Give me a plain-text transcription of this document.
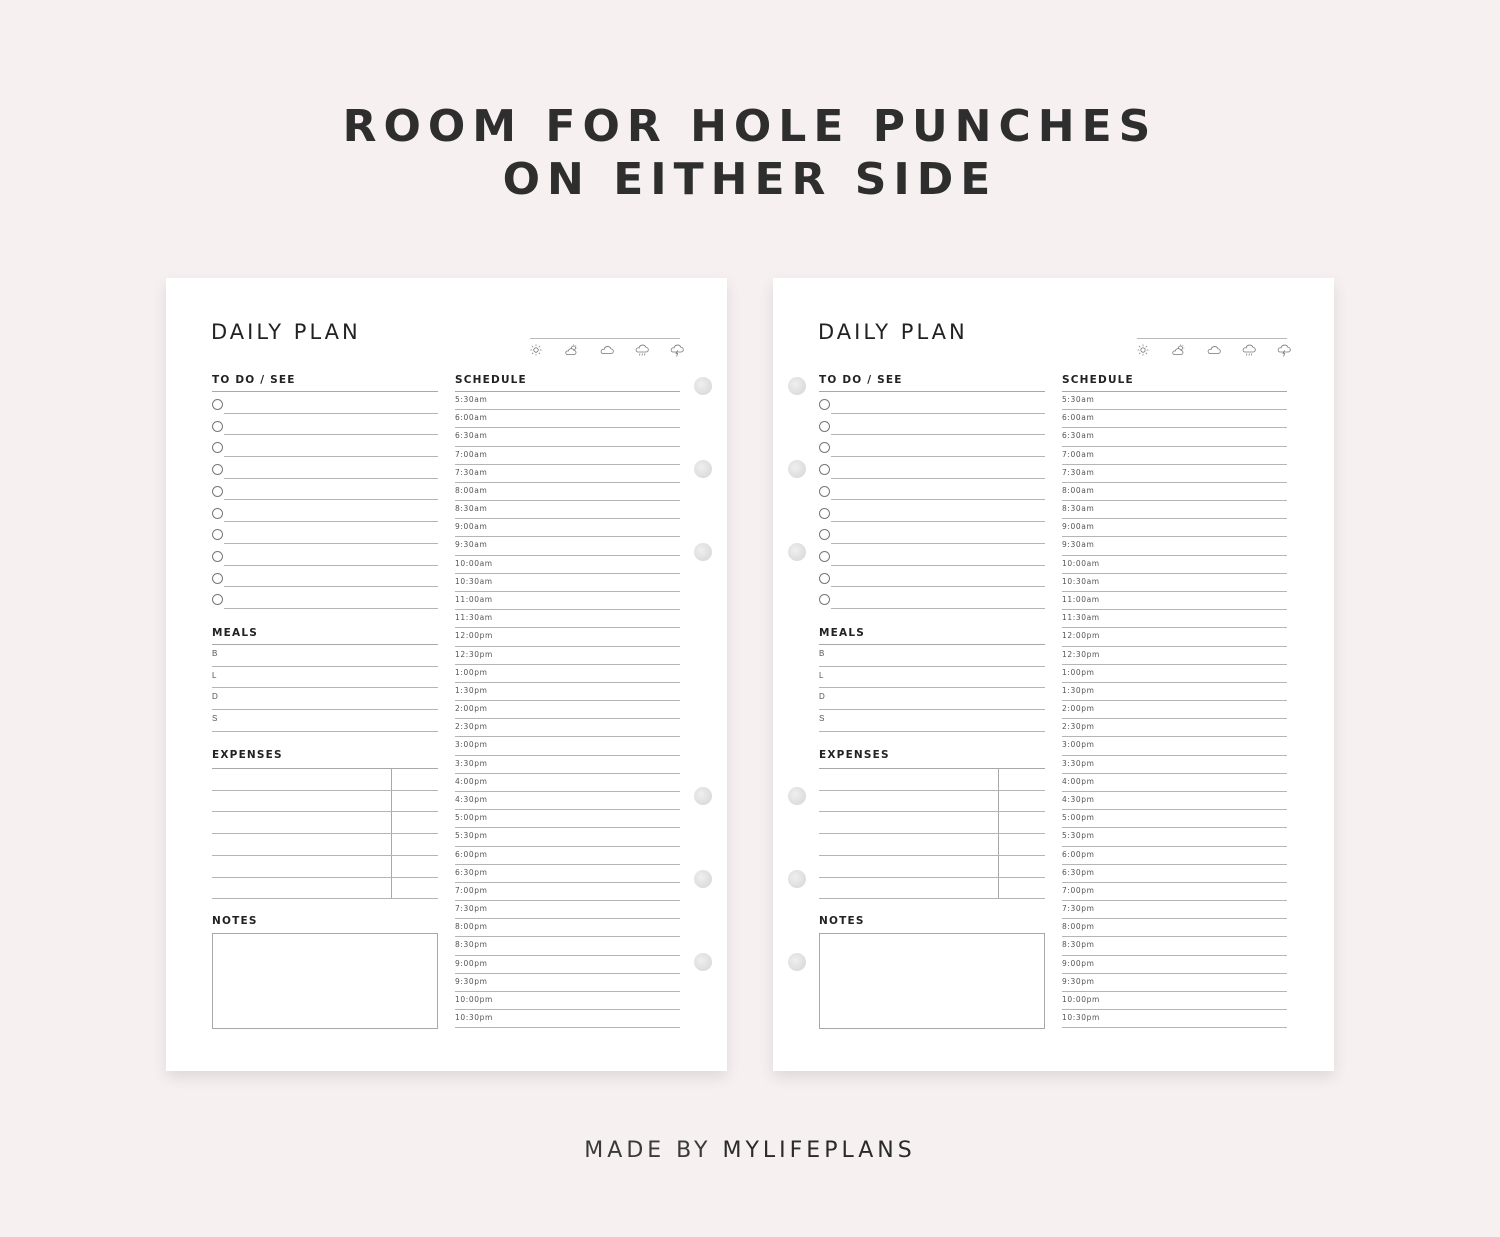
ROOM FOR HOLE PUNCHES
ON EITHER SIDE
DAILY PLAN
TO DO / SEE
MEALS
B
L
D
S
EXPENSES
NOTES
SCHEDULE
5:30am
6:00am
6:30am
7:00am
7:30am
8:00am
8:30am
9:00am
9:30am
10:00am
10:30am
11:00am
11:30am
12:00pm
12:30pm
1:00pm
1:30pm
2:00pm
2:30pm
3:00pm
3:30pm
4:00pm
4:30pm
5:00pm
5:30pm
6:00pm
6:30pm
7:00pm
7:30pm
8:00pm
8:30pm
9:00pm
9:30pm
10:00pm
10:30pm
DAILY PLAN
TO DO / SEE
MEALS
B
L
D
S
EXPENSES
NOTES
SCHEDULE
5:30am
6:00am
6:30am
7:00am
7:30am
8:00am
8:30am
9:00am
9:30am
10:00am
10:30am
11:00am
11:30am
12:00pm
12:30pm
1:00pm
1:30pm
2:00pm
2:30pm
3:00pm
3:30pm
4:00pm
4:30pm
5:00pm
5:30pm
6:00pm
6:30pm
7:00pm
7:30pm
8:00pm
8:30pm
9:00pm
9:30pm
10:00pm
10:30pm
MADE BY MYLIFEPLANS
